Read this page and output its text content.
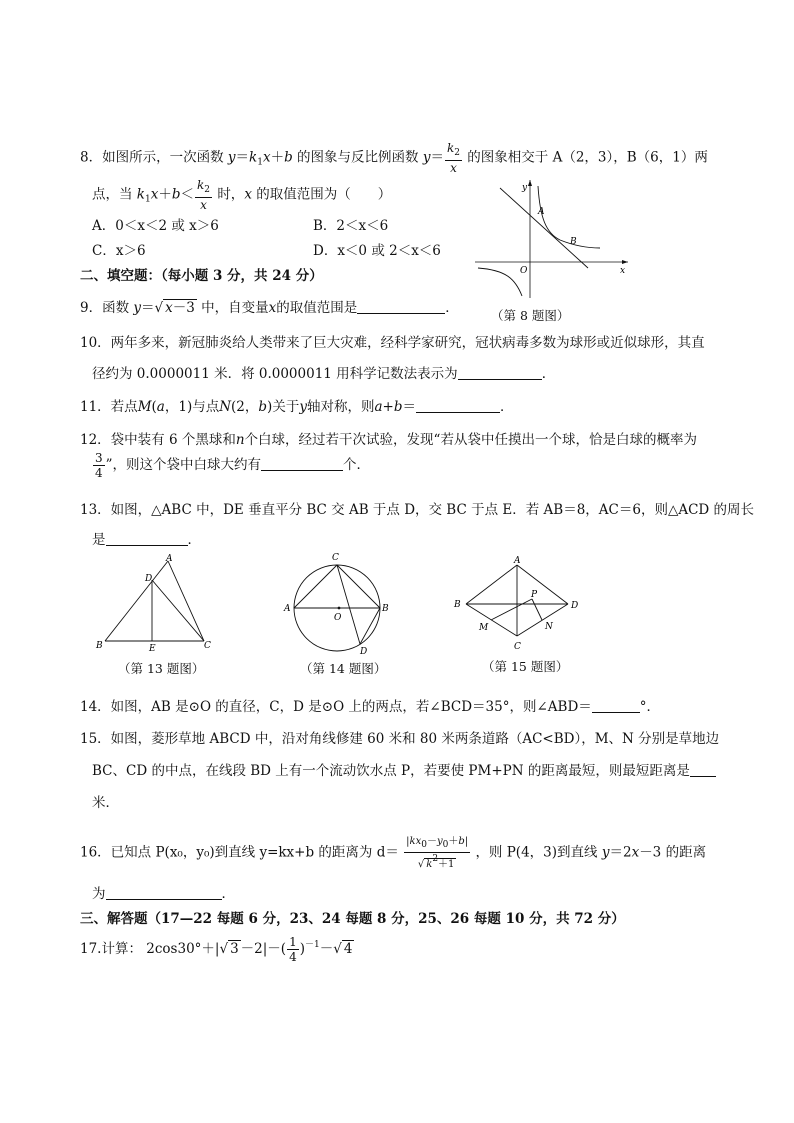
8．如图所示，一次函数 $y=k_1x+b$ 的图象与反比例函数 $y= \frac{k_2}{x}$ 的图象相交于 A（2，3），B（6，1）两
点，当 $k_1x+b< \frac{k_2}{x}$ 时，x 的取值范围为（　　）
A．0＜x＜2 或 x＞6	B．2＜x＜6
C．x＞6	D．x＜0 或 2＜x＜6
x
y
O
A
B
（第 8 题图）
二、填空题：（每小题 3 分，共 24 分）
9．函数 y＝√ x－3 中，自变量x的取值范围是	．
10．两年多来，新冠肺炎给人类带来了巨大灾难，经科学家研究，冠状病毒多数为球形或近似球形，其直
径约为 0.0000011 米．将 0.0000011 用科学记数法表示为	．
11．若点M(a，1)与点N(2，b)关于y轴对称，则a+b＝	．
12．袋中装有 6 个黑球和n个白球，经过若干次试验，发现“若从袋中任摸出一个球，恰是白球的概率为
$\frac{3}{4}$ ”，则这个袋中白球大约有	个．
13．如图，△ABC 中，DE 垂直平分 BC 交 AB 于点 D，交 BC 于点 E．若 AB＝8，AC＝6，则△ACD 的周长
是	．
A
D
B	E	C
（第 13 题图）
C
A	B
O
D
（第 14 题图）
A
B	D
C
P
M	N
（第 15 题图）
14．如图，AB 是⊙O 的直径，C，D 是⊙O 上的两点，若∠BCD＝35°，则∠ABD＝	°．
15．如图，菱形草地 ABCD 中，沿对角线修建 60 米和 80 米两条道路（AC<BD），M、N 分别是草地边
BC、CD 的中点，在线段 BD 上有一个流动饮水点 P，若要使 PM+PN 的距离最短，则最短距离是
米．
16．已知点 P(x₀，y₀)到直线 y=kx+b 的距离为 $d= \frac{|kx0-y0+b|}{√ k2+1}$ ，则 P(4，3)到直线 y＝2x－3 的距离
为	．
三、解答题（17—22 每题 6 分，23、24 每题 8 分，25、26 每题 10 分，共 72 分）
17.计算： 2cos30°＋|√ $3 -2|-( \frac{1}{4} )^{-1}-√$ 4
